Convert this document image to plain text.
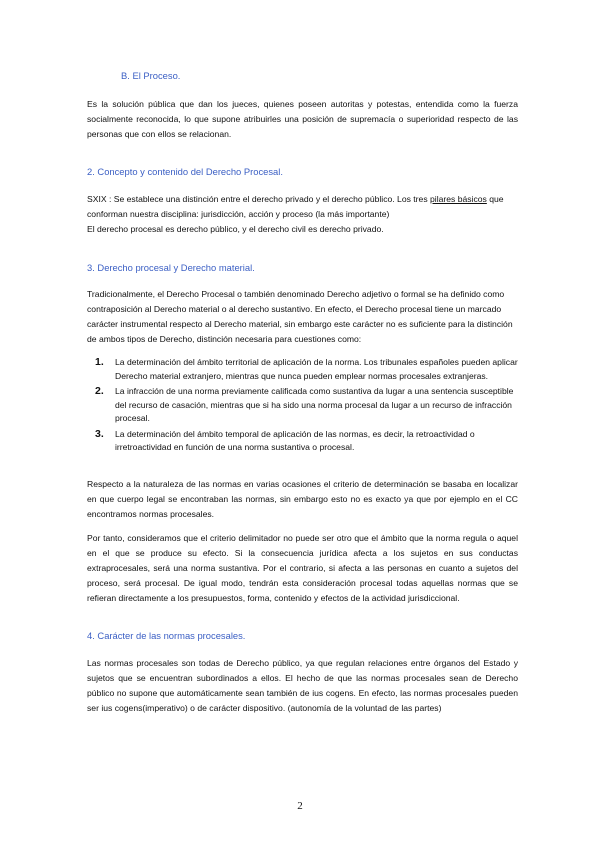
B. El Proceso.

Es la solución pública que dan los jueces, quienes poseen autoritas y potestas, entendida como la fuerza socialmente reconocida, lo que supone atribuirles una posición de supremacía o superioridad respecto de las personas que con ellos se relacionan.

2. Concepto y contenido del Derecho Procesal.

SXIX : Se establece una distinción entre el derecho privado y el derecho público. Los tres pilares básicos que conforman nuestra disciplina: jurisdicción, acción y proceso (la más importante)
El derecho procesal es derecho público, y el derecho civil es derecho privado.

3. Derecho procesal y Derecho material.

Tradicionalmente, el Derecho Procesal o también denominado Derecho adjetivo o formal se ha definido como contraposición al Derecho material o al derecho sustantivo. En efecto, el Derecho procesal tiene un marcado carácter instrumental respecto al Derecho material, sin embargo este carácter no es suficiente para la distinción de ambos tipos de Derecho, distinción necesaria para cuestiones como:

1. La determinación del ámbito territorial de aplicación de la norma. Los tribunales españoles pueden aplicar Derecho material extranjero, mientras que nunca pueden emplear normas procesales extranjeras.
2. La infracción de una norma previamente calificada como sustantiva da lugar a una sentencia susceptible del recurso de casación, mientras que si ha sido una norma procesal da lugar a un recurso de infracción procesal.
3. La determinación del ámbito temporal de aplicación de las normas, es decir, la retroactividad o irretroactividad en función de una norma sustantiva o procesal.

Respecto a la naturaleza de las normas en varias ocasiones el criterio de determinación se basaba en localizar en que cuerpo legal se encontraban las normas, sin embargo esto no es exacto ya que por ejemplo en el CC encontramos normas procesales.

Por tanto, consideramos que el criterio delimitador no puede ser otro que el ámbito que la norma regula o aquel en el que se produce su efecto. Si la consecuencia jurídica afecta a los sujetos en sus conductas extraprocesales, será una norma sustantiva. Por el contrario, si afecta a las personas en cuanto a sujetos del proceso, será procesal. De igual modo, tendrán esta consideración procesal todas aquellas normas que se refieran directamente a los presupuestos, forma, contenido y efectos de la actividad jurisdiccional.

4. Carácter de las normas procesales.

Las normas procesales son todas de Derecho público, ya que regulan relaciones entre órganos del Estado y sujetos que se encuentran subordinados a ellos. El hecho de que las normas procesales sean de Derecho público no supone que automáticamente sean también de ius cogens. En efecto, las normas procesales pueden ser ius cogens(imperativo) o de carácter dispositivo. (autonomía de la voluntad de las partes)

2
